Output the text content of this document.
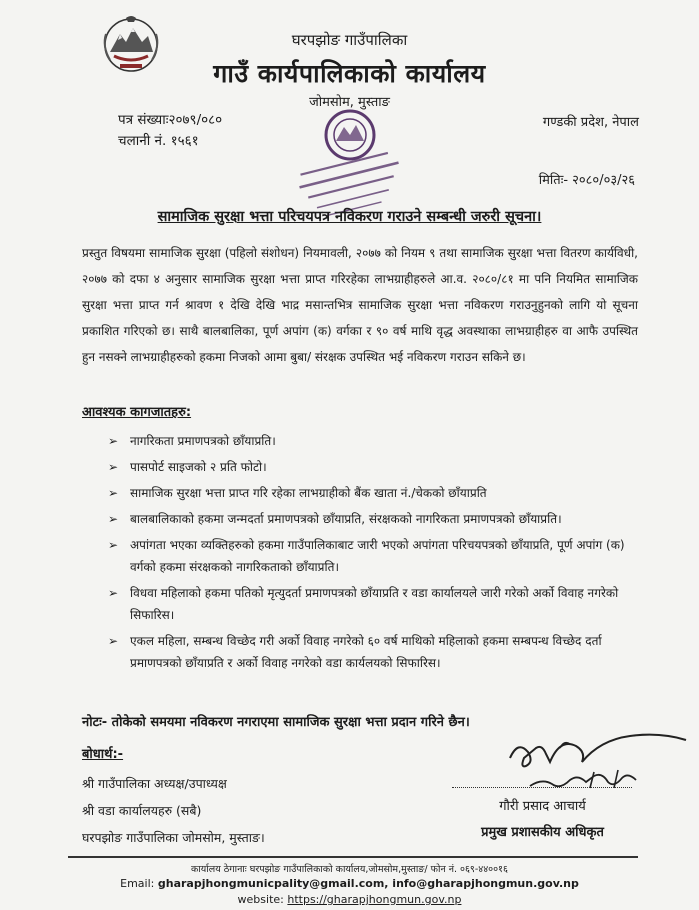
घरपझोङ गाउँपालिका
गाउँ कार्यपालिकाको कार्यालय
जोमसोम, मुस्ताङ
पत्र संख्याः२०७९/०८०
चलानी नं. १५६१
गण्डकी प्रदेश, नेपाल
मितिः- २०८०/०३/२६
सामाजिक सुरक्षा भत्ता परिचयपत्र नविकरण गराउने सम्बन्धी जरुरी सूचना।
प्रस्तुत विषयमा सामाजिक सुरक्षा (पहिलो संशोधन) नियमावली, २०७७ को नियम ९ तथा सामाजिक सुरक्षा भत्ता वितरण कार्यविधी, २०७७ को दफा ४ अनुसार सामाजिक सुरक्षा भत्ता प्राप्त गरिरहेका लाभग्राहीहरुले आ.व. २०८०/८१ मा पनि नियमित सामाजिक सुरक्षा भत्ता प्राप्त गर्न श्रावण १ देखि देखि भाद्र मसान्तभित्र सामाजिक सुरक्षा भत्ता नविकरण गराउनुहुनको लागि यो सूचना प्रकाशित गरिएको छ। साथै बालबालिका, पूर्ण अपांग (क) वर्गका र ९० वर्ष माथि वृद्ध अवस्थाका लाभग्राहीहरु वा आफै उपस्थित हुन नसक्ने लाभग्राहीहरुको हकमा निजको आमा बुबा/ संरक्षक उपस्थित भई नविकरण गराउन सकिने छ।
आवश्यक कागजातहरु:
➢ नागरिकता प्रमाणपत्रको छाँयाप्रति।
➢ पासपोर्ट साइजको २ प्रति फोटो।
➢ सामाजिक सुरक्षा भत्ता प्राप्त गरि रहेका लाभग्राहीको बैंक खाता नं./चेकको छाँयाप्रति
➢ बालबालिकाको हकमा जन्मदर्ता प्रमाणपत्रको छाँयाप्रति, संरक्षकको नागरिकता प्रमाणपत्रको छाँयाप्रति।
➢ अपांगता भएका व्यक्तिहरुको हकमा गाउँपालिकाबाट जारी भएको अपांगता परिचयपत्रको छाँयाप्रति, पूर्ण अपांग (क) वर्गको हकमा संरक्षकको नागरिकताको छाँयाप्रति।
➢ विधवा महिलाको हकमा पतिको मृत्युदर्ता प्रमाणपत्रको छाँयाप्रति र वडा कार्यालयले जारी गरेको अर्को विवाह नगरेको सिफारिस।
➢ एकल महिला, सम्बन्ध विच्छेद गरी अर्को विवाह नगरेको ६० वर्ष माथिको महिलाको हकमा सम्बपन्ध विच्छेद दर्ता प्रमाणपत्रको छाँयाप्रति र अर्को विवाह नगरेको वडा कार्यलयको सिफारिस।
नोटः- तोकेको समयमा नविकरण नगराएमा सामाजिक सुरक्षा भत्ता प्रदान गरिने छैन।
बोधार्थ:-
श्री गाउँपालिका अध्यक्ष/उपाध्यक्ष
श्री वडा कार्यालयहरु (सबै)
घरपझोङ गाउँपालिका जोमसोम, मुस्ताङ।
गौरी प्रसाद आचार्य
प्रमुख प्रशासकीय अधिकृत
कार्यालय ठेगानाः घरपझोङ गाउँपालिकाको कार्यालय,जोमसोम,मुस्ताङ/ फोन नं. ०६९-४४००१६
Email: gharapjhongmunicpality@gmail.com, info@gharapjhongmun.gov.np
website: https://gharapjhongmun.gov.np
